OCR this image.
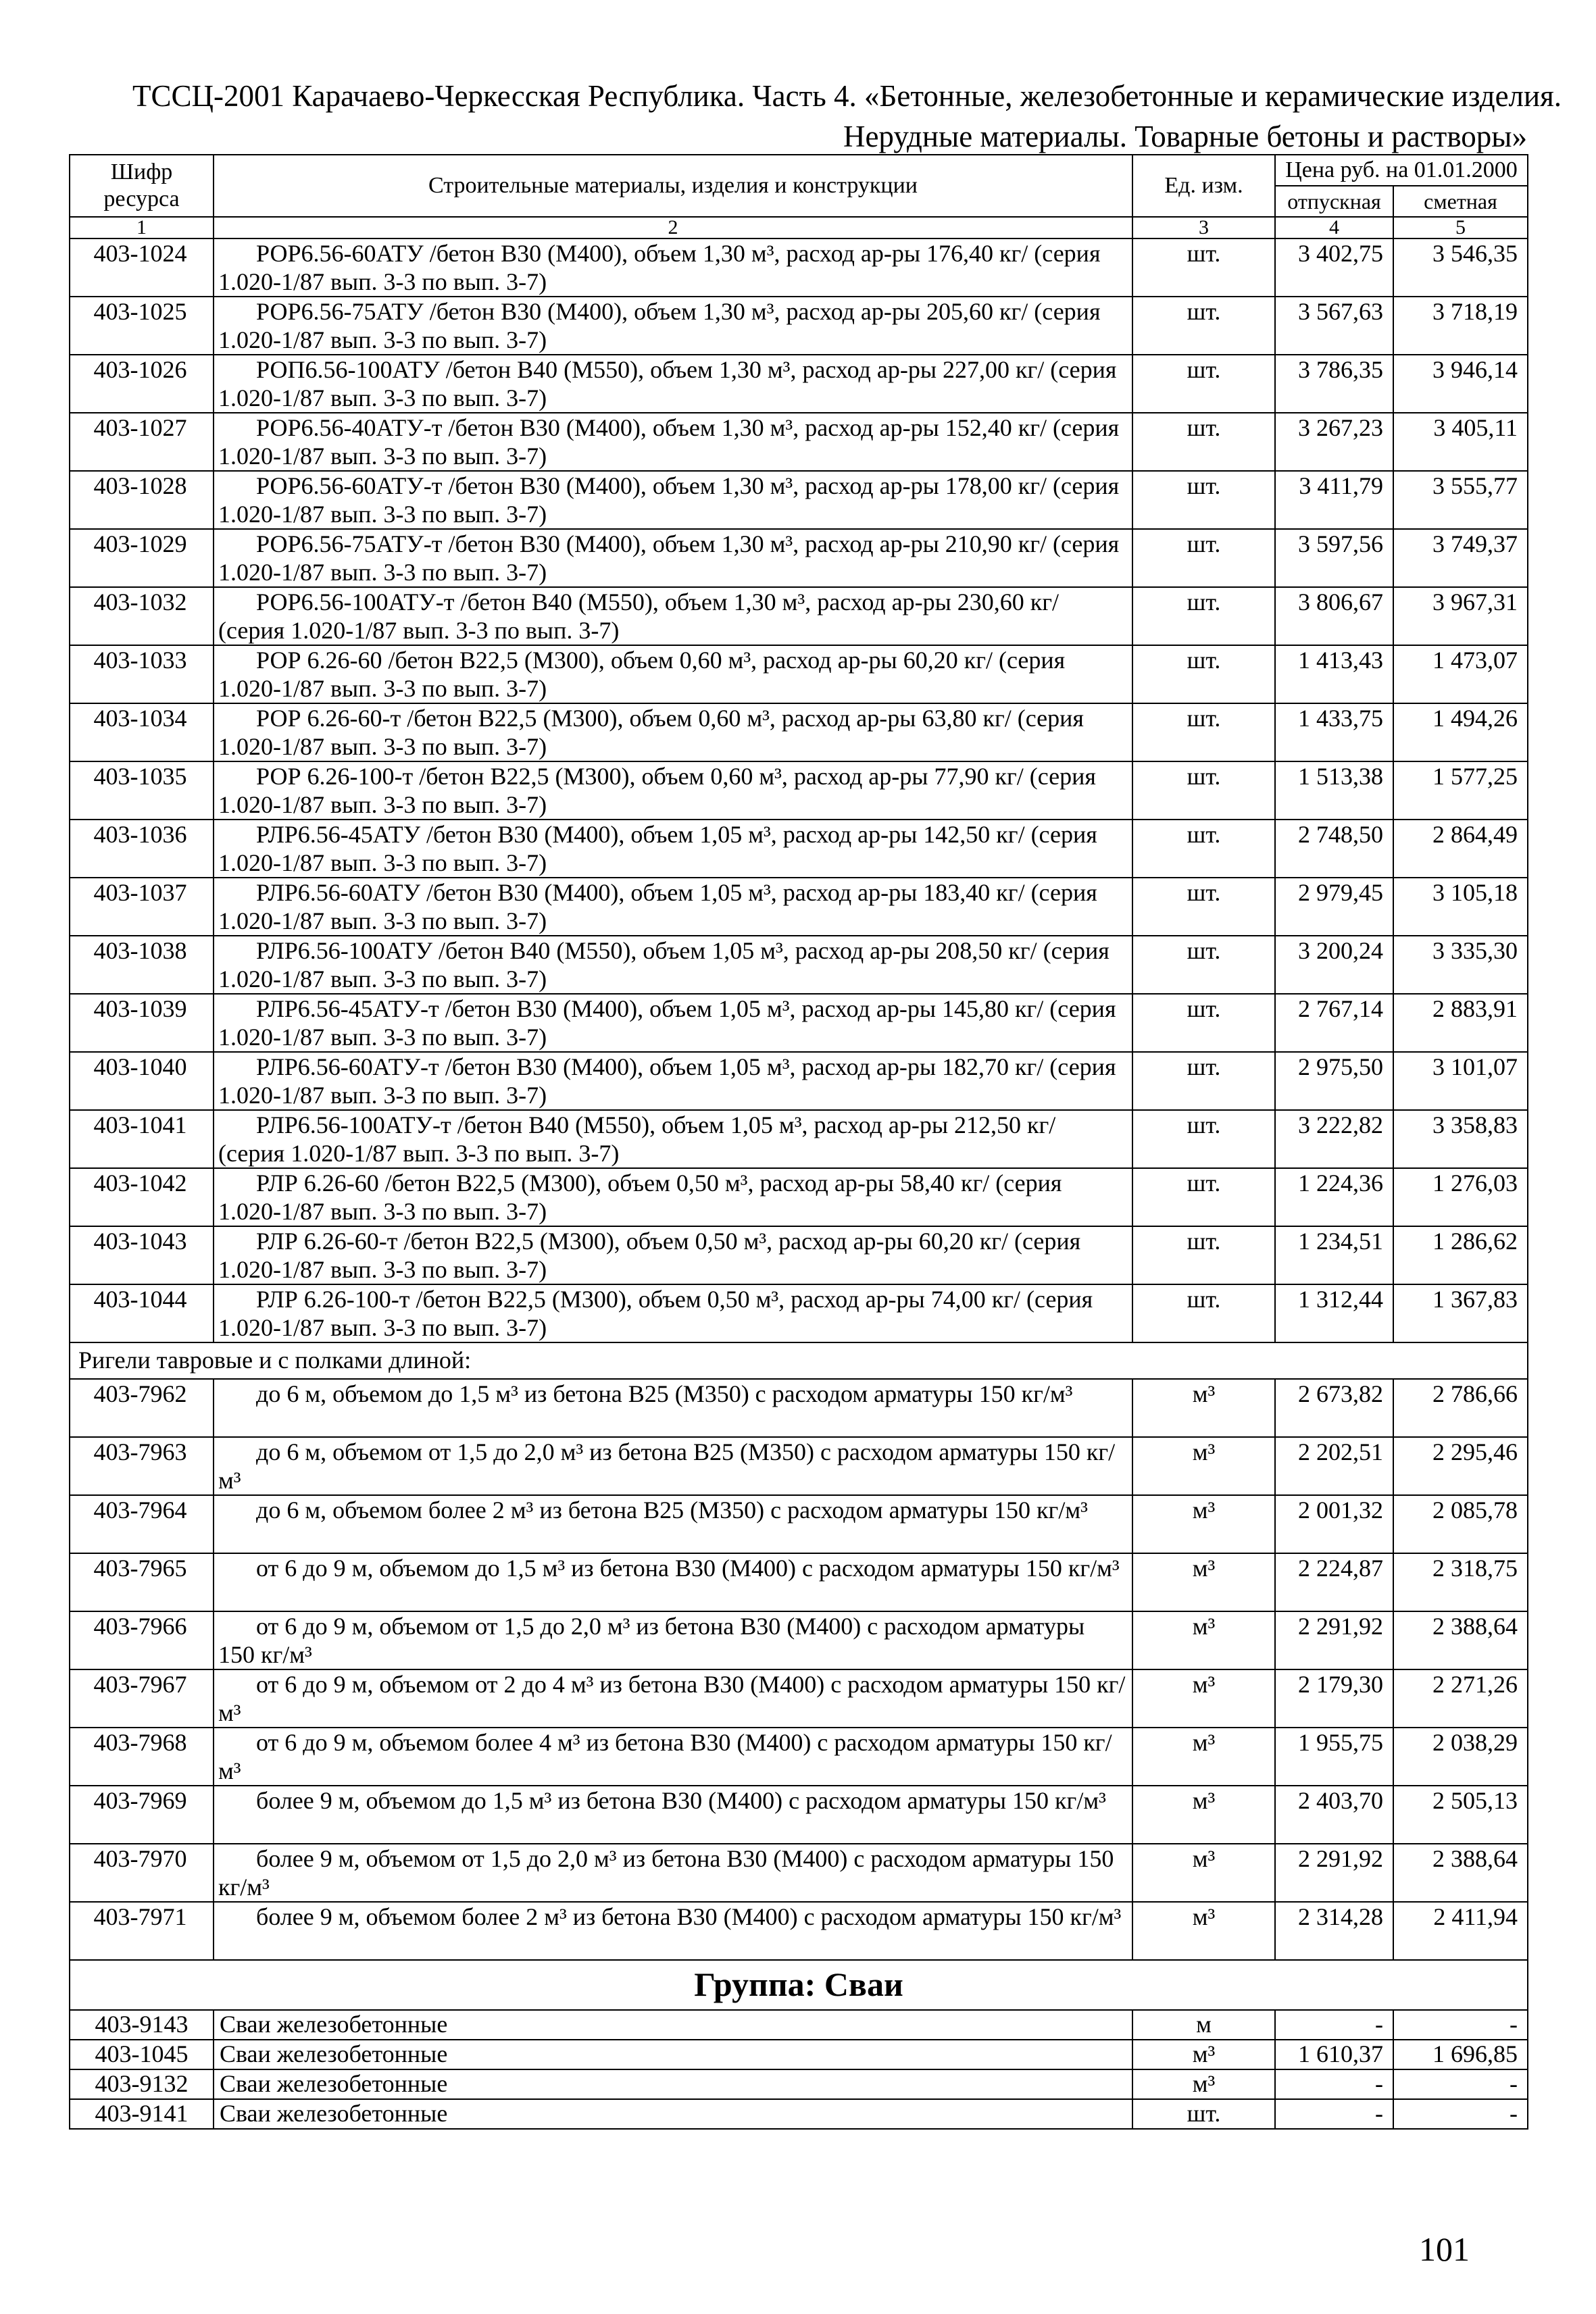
ТССЦ-2001 Карачаево-Черкесская Республика. Часть 4. «Бетонные, железобетонные и керамические изделия.
Нерудные материалы. Товарные бетоны и растворы»
Шифр ресурса	Строительные материалы, изделия и конструкции	Ед. изм.	Цена руб. на 01.01.2000	
			отпускная	сметная
1	2	3	4	5
403-1024	РОР6.56-60АТУ /бетон В30 (М400), объем 1,30 м³, расход ар-ры 176,40 кг/ (серия 1.020-1/87 вып. 3-3 по вып. 3-7)	шт.	3 402,75	3 546,35
403-1025	РОР6.56-75АТУ /бетон В30 (М400), объем 1,30 м³, расход ар-ры 205,60 кг/ (серия 1.020-1/87 вып. 3-3 по вып. 3-7)	шт.	3 567,63	3 718,19
403-1026	РОП6.56-100АТУ /бетон В40 (М550), объем 1,30 м³, расход ар-ры 227,00 кг/ (серия 1.020-1/87 вып. 3-3 по вып. 3-7)	шт.	3 786,35	3 946,14
403-1027	РОР6.56-40АТУ-т /бетон В30 (М400), объем 1,30 м³, расход ар-ры 152,40 кг/ (серия 1.020-1/87 вып. 3-3 по вып. 3-7)	шт.	3 267,23	3 405,11
403-1028	РОР6.56-60АТУ-т /бетон В30 (М400), объем 1,30 м³, расход ар-ры 178,00 кг/ (серия 1.020-1/87 вып. 3-3 по вып. 3-7)	шт.	3 411,79	3 555,77
403-1029	РОР6.56-75АТУ-т /бетон В30 (М400), объем 1,30 м³, расход ар-ры 210,90 кг/ (серия 1.020-1/87 вып. 3-3 по вып. 3-7)	шт.	3 597,56	3 749,37
403-1032	РОР6.56-100АТУ-т /бетон В40 (М550), объем 1,30 м³, расход ар-ры 230,60 кг/ (серия 1.020-1/87 вып. 3-3 по вып. 3-7)	шт.	3 806,67	3 967,31
403-1033	РОР 6.26-60 /бетон В22,5 (М300), объем 0,60 м³, расход ар-ры 60,20 кг/ (серия 1.020-1/87 вып. 3-3 по вып. 3-7)	шт.	1 413,43	1 473,07
403-1034	РОР 6.26-60-т /бетон В22,5 (М300), объем 0,60 м³, расход ар-ры 63,80 кг/ (серия 1.020-1/87 вып. 3-3 по вып. 3-7)	шт.	1 433,75	1 494,26
403-1035	РОР 6.26-100-т /бетон В22,5 (М300), объем 0,60 м³, расход ар-ры 77,90 кг/ (серия 1.020-1/87 вып. 3-3 по вып. 3-7)	шт.	1 513,38	1 577,25
403-1036	РЛР6.56-45АТУ /бетон В30 (М400), объем 1,05 м³, расход ар-ры 142,50 кг/ (серия 1.020-1/87 вып. 3-3 по вып. 3-7)	шт.	2 748,50	2 864,49
403-1037	РЛР6.56-60АТУ /бетон В30 (М400), объем 1,05 м³, расход ар-ры 183,40 кг/ (серия 1.020-1/87 вып. 3-3 по вып. 3-7)	шт.	2 979,45	3 105,18
403-1038	РЛР6.56-100АТУ /бетон В40 (М550), объем 1,05 м³, расход ар-ры 208,50 кг/ (серия 1.020-1/87 вып. 3-3 по вып. 3-7)	шт.	3 200,24	3 335,30
403-1039	РЛР6.56-45АТУ-т /бетон В30 (М400), объем 1,05 м³, расход ар-ры 145,80 кг/ (серия 1.020-1/87 вып. 3-3 по вып. 3-7)	шт.	2 767,14	2 883,91
403-1040	РЛР6.56-60АТУ-т /бетон В30 (М400), объем 1,05 м³, расход ар-ры 182,70 кг/ (серия 1.020-1/87 вып. 3-3 по вып. 3-7)	шт.	2 975,50	3 101,07
403-1041	РЛР6.56-100АТУ-т /бетон В40 (М550), объем 1,05 м³, расход ар-ры 212,50 кг/ (серия 1.020-1/87 вып. 3-3 по вып. 3-7)	шт.	3 222,82	3 358,83
403-1042	РЛР 6.26-60 /бетон В22,5 (М300), объем 0,50 м³, расход ар-ры 58,40 кг/ (серия 1.020-1/87 вып. 3-3 по вып. 3-7)	шт.	1 224,36	1 276,03
403-1043	РЛР 6.26-60-т /бетон В22,5 (М300), объем 0,50 м³, расход ар-ры 60,20 кг/ (серия 1.020-1/87 вып. 3-3 по вып. 3-7)	шт.	1 234,51	1 286,62
403-1044	РЛР 6.26-100-т /бетон В22,5 (М300), объем 0,50 м³, расход ар-ры 74,00 кг/ (серия 1.020-1/87 вып. 3-3 по вып. 3-7)	шт.	1 312,44	1 367,83
Ригели тавровые и с полками длиной:				
403-7962	до 6 м, объемом до 1,5 м³ из бетона В25 (М350) с расходом арматуры 150 кг/м³	м³	2 673,82	2 786,66
403-7963	до 6 м, объемом от 1,5 до 2,0 м³ из бетона В25 (М350) с расходом арматуры 150 кг/м³	м³	2 202,51	2 295,46
403-7964	до 6 м, объемом более 2 м³ из бетона В25 (М350) с расходом арматуры 150 кг/м³	м³	2 001,32	2 085,78
403-7965	от 6 до 9 м, объемом до 1,5 м³ из бетона В30 (М400) с расходом арматуры 150 кг/м³	м³	2 224,87	2 318,75
403-7966	от 6 до 9 м, объемом от 1,5 до 2,0 м³ из бетона В30 (М400) с расходом арматуры 150 кг/м³	м³	2 291,92	2 388,64
403-7967	от 6 до 9 м, объемом от 2 до 4 м³ из бетона В30 (М400) с расходом арматуры 150 кг/м³	м³	2 179,30	2 271,26
403-7968	от 6 до 9 м, объемом более 4 м³ из бетона В30 (М400) с расходом арматуры 150 кг/м³	м³	1 955,75	2 038,29
403-7969	более 9 м, объемом до 1,5 м³ из бетона В30 (М400) с расходом арматуры 150 кг/м³	м³	2 403,70	2 505,13
403-7970	более 9 м, объемом от 1,5 до 2,0 м³ из бетона В30 (М400) с расходом арматуры 150 кг/м³	м³	2 291,92	2 388,64
403-7971	более 9 м, объемом более 2 м³ из бетона В30 (М400) с расходом арматуры 150 кг/м³	м³	2 314,28	2 411,94
Группа: Сваи				
403-9143	Сваи железобетонные	м	-	-
403-1045	Сваи железобетонные	м³	1 610,37	1 696,85
403-9132	Сваи железобетонные	м³	-	-
403-9141	Сваи железобетонные	шт.	-	-
101
